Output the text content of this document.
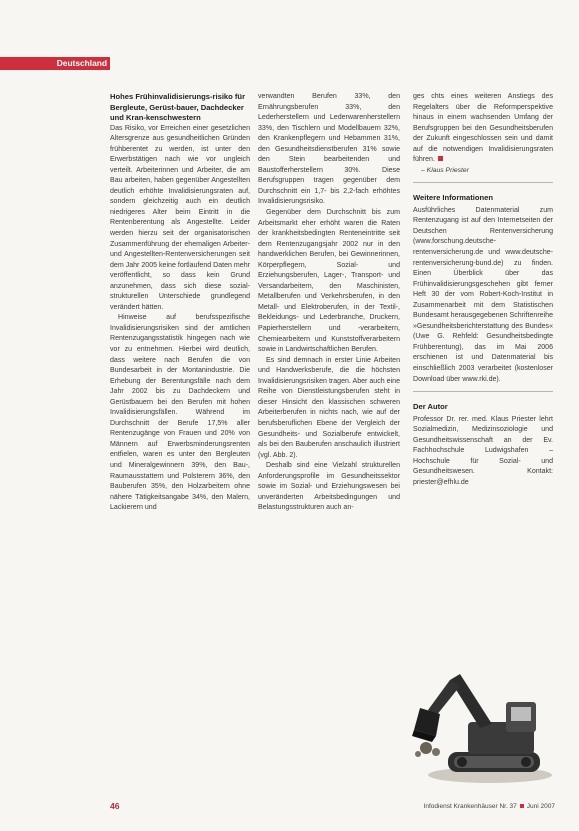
Deutschland
Hohes Frühinvalidisierungs-risiko für Bergleute, Gerüst-bauer, Dachdecker und Kran-kenschwestern

Das Risiko, vor Erreichen einer gesetzlichen Altersgrenze aus gesundheitlichen Gründen frühberentet zu werden, ist unter den Erwerbstätigen nach wie vor ungleich verteilt. Arbeiterinnen und Arbeiter, die am Bau arbeiten, haben gegenüber Angestellten deutlich erhöhte Invalidisierungsraten auf, sondern gleichzeitig auch ein deutlich niedrigeres Alter beim Eintritt in die Rentenberentung als Angestellte. Leider werden hierzu seit der organisatorischen Zusammenführung der ehemaligen Arbeiter- und Angestellten-Rentenversicherungen seit dem Jahr 2005 keine fortlaufend Daten mehr veröffentlicht, so dass kein Grund anzunehmen, dass sich diese sozial-strukturellen Unterschiede grundlegend verändert hätten.

Hinweise auf berufsspezifische Invalidisierungsrisiken sind der amtlichen Rentenzugangsstatistik hingegen nach wie vor zu entnehmen. Hierbei wird deutlich, dass weitere nach Berufen die von Bundesarbeit in der Montanindustrie. Die Erhebung der Berentungsfälle nach dem Jahr 2002 bis zu Dachdeckern und Gerüstbauern bei den Berufen mit hohen Invalidisierungsfällen. Während im Durchschnitt der Berufe 17,5% aller Rentenzugänge von Frauen und 20% von Männern auf Erwerbsminderungsrenten entfielen, waren es unter den Bergleuten und Mineralgewinnern 39%, den Bau-, Raumausstattern und Polsterern 36%, den Bauberufen 35%, den Holzarbeitern ohne nähere Tätigkeitsangabe 34%, den Malern, Lackierern und

verwandten Berufen 33%, den Ernährungsberufen 33%, den Lederherstellern und Lederwarenherstellern 33%, den Tischlern und Modellbauern 32%, den Krankenpflegern und Hebammen 31%, den Gesundheitsdienstberufen 31% sowie den Stein bearbeitenden und Baustofferherstellern 30%. Diese Berufsgruppen tragen gegenüber dem Durchschnitt ein 1,7- bis 2,2-fach erhöhtes Invalidisierungsrisiko.

Gegenüber dem Durchschnitt bis zum Arbeitsmarkt eher erhöht waren die Raten der krankheitsbedingten Renteneintritte seit dem Rentenzugangsjahr 2002 nur in den handwerklichen Berufen, bei Gewinnerinnen, Körperpflegern, Sozial- und Erziehungsberufen, Lager-, Transport- und Versandarbeitern, den Maschinisten, Metallberufen und Verkehrsberufen, in den Metall- und Elektroberufen, in der Textil-, Bekleidungs- und Lederbranche, Druckern, Papierherstellern und -verarbeitern, Chemiearbeitern und Kunststoffverarbeitern sowie in Landwirtschaftlichen Berufen.

Es sind demnach in erster Linie Arbeiten und Handwerksberufe, die die höchsten Invalidisierungsrisiken tragen. Aber auch eine Reihe von Dienstleistungsberufen steht in dieser Hinsicht den klassischen schweren Arbeiterberufen in nichts nach, wie auf der berufsberuflichen Ebene der Vergleich der Gesundheits- und Sozialberufe entwickelt, als bei den Bauberufen anschaulich illustriert (vgl. Abb. 2).

Deshalb sind eine Vielzahl strukturellen Anforderungsprofile im Gesundheitssektor sowie im Sozial- und Erziehungswesen bei unveränderten Arbeitsbedingungen und Belastungsstrukturen auch an-

ges chts eines weiteren Anstiegs des Regelalters über die Reformperspektive hinaus in einem wachsenden Umfang der Berufsgruppen bei den Gesundheitsberufen der Zukunft eingeschlossen sein und damit auf die notwendigen Invalidisierungsraten führen.

– Klaus Priester

Weitere Informationen

Ausführliches Datenmaterial zum Rentenzugang ist auf den Internetseiten der Deutschen Rentenversicherung (www.forschung.deutsche-rentenversicherung.de und www.deutsche-rentenversicherung-bund.de) zu finden. Einen Überblick über das Frühinvalidisierungsgeschehen gibt ferner Heft 30 der vom Robert-Koch-Institut in Zusammenarbeit mit dem Statistischen Bundesamt herausgegebenen Schriftenreihe »Gesundheitsberichterstattung des Bundes« (Uwe G. Rehfeld: Gesundheitsbedingte Frühberentung), das im Mai 2006 erschienen ist und Datenmaterial bis einschließlich 2003 verarbeitet (kostenloser Download über www.rki.de).

Der Autor

Professor Dr. rer. med. Klaus Priester lehrt Sozialmedizin, Medizinsoziologie und Gesundheitswissenschaft an der Ev. Fachhochschule Ludwigshafen – Hochschule für Sozial- und Gesundheitswesen. Kontakt: priester@efhlu.de

46	Infodienst Krankenhäuser Nr. 37 Juni 2007
